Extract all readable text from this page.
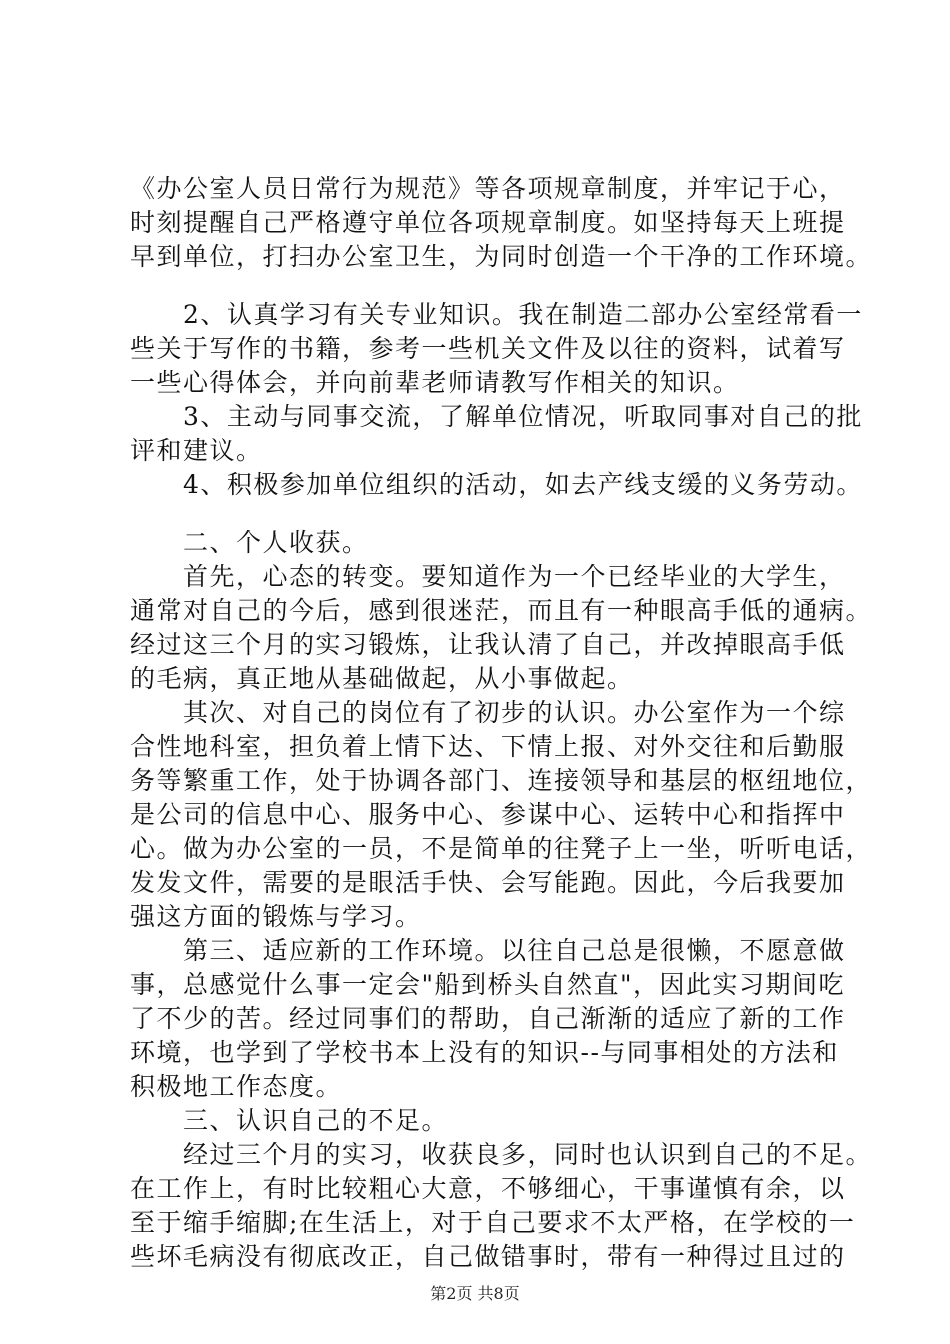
《办公室人员日常行为规范》等各项规章制度，并牢记于心，
时刻提醒自己严格遵守单位各项规章制度。如坚持每天上班提
早到单位，打扫办公室卫生，为同时创造一个干净的工作环境。
　　2、认真学习有关专业知识。我在制造二部办公室经常看一
些关于写作的书籍，参考一些机关文件及以往的资料，试着写
一些心得体会，并向前辈老师请教写作相关的知识。
　　3、主动与同事交流，了解单位情况，听取同事对自己的批
评和建议。
　　4、积极参加单位组织的活动，如去产线支缓的义务劳动。
　　二、个人收获。
　　首先，心态的转变。要知道作为一个已经毕业的大学生，
通常对自己的今后，感到很迷茫，而且有一种眼高手低的通病。
经过这三个月的实习锻炼，让我认清了自己，并改掉眼高手低
的毛病，真正地从基础做起，从小事做起。
　　其次、对自己的岗位有了初步的认识。办公室作为一个综
合性地科室，担负着上情下达、下情上报、对外交往和后勤服
务等繁重工作，处于协调各部门、连接领导和基层的枢纽地位，
是公司的信息中心、服务中心、参谋中心、运转中心和指挥中
心。做为办公室的一员，不是简单的往凳子上一坐，听听电话，
发发文件，需要的是眼活手快、会写能跑。因此，今后我要加
强这方面的锻炼与学习。
　　第三、适应新的工作环境。以往自己总是很懒，不愿意做
事，总感觉什么事一定会"船到桥头自然直"，因此实习期间吃
了不少的苦。经过同事们的帮助，自己渐渐的适应了新的工作
环境，也学到了学校书本上没有的知识--与同事相处的方法和
积极地工作态度。
　　三、认识自己的不足。
　　经过三个月的实习，收获良多，同时也认识到自己的不足。
在工作上，有时比较粗心大意，不够细心，干事谨慎有余，以
至于缩手缩脚;在生活上，对于自己要求不太严格，在学校的一
些坏毛病没有彻底改正，自己做错事时，带有一种得过且过的
第2页 共8页
